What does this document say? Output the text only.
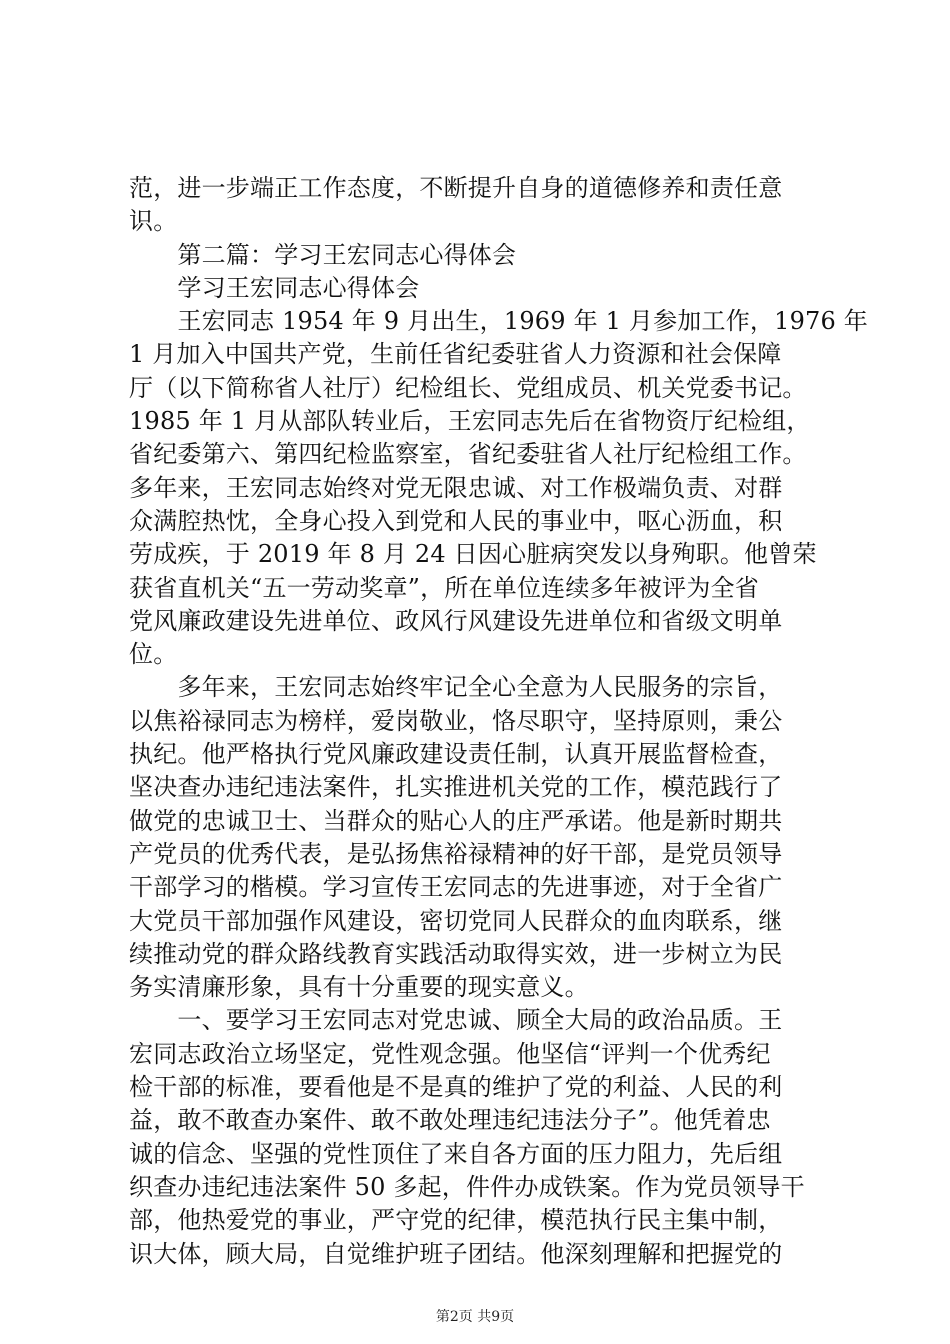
范，进一步端正工作态度，不断提升自身的道德修养和责任意
识。
　　第二篇：学习王宏同志心得体会
　　学习王宏同志心得体会
　　王宏同志 1954 年 9 月出生，1969 年 1 月参加工作，1976 年
1 月加入中国共产党，生前任省纪委驻省人力资源和社会保障
厅（以下简称省人社厅）纪检组长、党组成员、机关党委书记。
1985 年 1 月从部队转业后，王宏同志先后在省物资厅纪检组，
省纪委第六、第四纪检监察室，省纪委驻省人社厅纪检组工作。
多年来，王宏同志始终对党无限忠诚、对工作极端负责、对群
众满腔热忱，全身心投入到党和人民的事业中，呕心沥血，积
劳成疾，于 2019 年 8 月 24 日因心脏病突发以身殉职。他曾荣
获省直机关“五一劳动奖章”，所在单位连续多年被评为全省
党风廉政建设先进单位、政风行风建设先进单位和省级文明单
位。
　　多年来，王宏同志始终牢记全心全意为人民服务的宗旨，
以焦裕禄同志为榜样，爱岗敬业，恪尽职守，坚持原则，秉公
执纪。他严格执行党风廉政建设责任制，认真开展监督检查，
坚决查办违纪违法案件，扎实推进机关党的工作，模范践行了
做党的忠诚卫士、当群众的贴心人的庄严承诺。他是新时期共
产党员的优秀代表，是弘扬焦裕禄精神的好干部，是党员领导
干部学习的楷模。学习宣传王宏同志的先进事迹，对于全省广
大党员干部加强作风建设，密切党同人民群众的血肉联系，继
续推动党的群众路线教育实践活动取得实效，进一步树立为民
务实清廉形象，具有十分重要的现实意义。
　　一、要学习王宏同志对党忠诚、顾全大局的政治品质。王
宏同志政治立场坚定，党性观念强。他坚信“评判一个优秀纪
检干部的标准，要看他是不是真的维护了党的利益、人民的利
益，敢不敢查办案件、敢不敢处理违纪违法分子”。他凭着忠
诚的信念、坚强的党性顶住了来自各方面的压力阻力，先后组
织查办违纪违法案件 50 多起，件件办成铁案。作为党员领导干
部，他热爱党的事业，严守党的纪律，模范执行民主集中制，
识大体，顾大局，自觉维护班子团结。他深刻理解和把握党的
第2页 共9页
